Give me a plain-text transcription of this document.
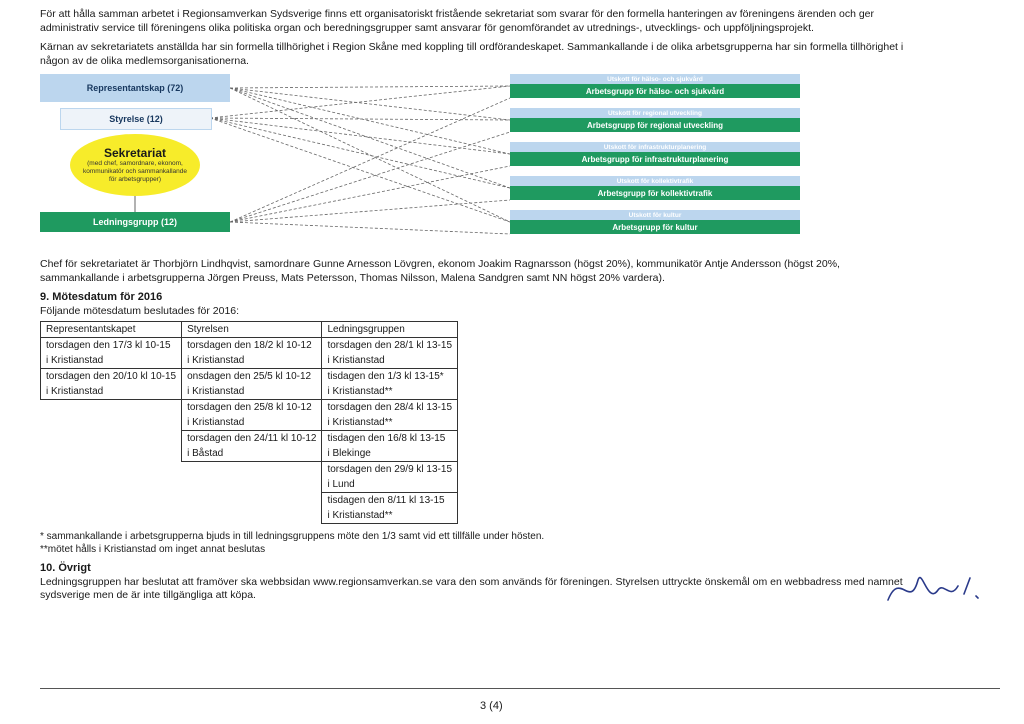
För att hålla samman arbetet i Regionsamverkan Sydsverige finns ett organisatoriskt fristående sekretariat som svarar för den formella hanteringen av föreningens ärenden och ger administrativ service till föreningens olika politiska organ och beredningsgrupper samt ansvarar för genomförandet av utrednings-, utvecklings- och uppföljningsprojekt.

Kärnan av sekretariatets anställda har sin formella tillhörighet i Region Skåne med koppling till ordförandeskapet. Sammankallande i de olika arbetsgrupperna har sin formella tillhörighet i någon av de olika medlemsorganisationerna.

Representantskap (72)
Styrelse (12)
Sekretariat
(med chef, samordnare, ekonom, kommunikatör och sammankallande för arbetsgrupper)
Ledningsgrupp (12)
Utskott för hälso- och sjukvård
Arbetsgrupp för hälso- och sjukvård
Utskott för regional utveckling
Arbetsgrupp för regional utveckling
Utskott för infrastrukturplanering
Arbetsgrupp för infrastrukturplanering
Utskott för kollektivtrafik
Arbetsgrupp för kollektivtrafik
Utskott för kultur
Arbetsgrupp för kultur

Chef för sekretariatet är Thorbjörn Lindhqvist, samordnare Gunne Arnesson Lövgren, ekonom Joakim Ragnarsson (högst 20%), kommunikatör Antje Andersson (högst 20%, sammankallande i arbetsgrupperna Jörgen Preuss, Mats Petersson, Thomas Nilsson, Malena Sandgren samt NN högst 20% vardera).

9. Mötesdatum för 2016

Följande mötesdatum beslutades för 2016:

Representantskapet	Styrelsen	Ledningsgruppen
torsdagen den 17/3 kl 10-15	torsdagen den 18/2 kl 10-12	torsdagen den 28/1 kl 13-15
i Kristianstad	i Kristianstad	i Kristianstad
torsdagen den 20/10 kl 10-15	onsdagen den 25/5 kl 10-12	tisdagen den 1/3 kl 13-15*
i Kristianstad	i Kristianstad	i Kristianstad**
	torsdagen den 25/8 kl 10-12	torsdagen den 28/4 kl 13-15
	i Kristianstad	i Kristianstad**
	torsdagen den 24/11 kl 10-12	tisdagen den 16/8 kl 13-15
	i Båstad	i Blekinge
		torsdagen den 29/9 kl 13-15
		i Lund
		tisdagen den 8/11 kl 13-15
		i Kristianstad**

* sammankallande i arbetsgrupperna bjuds in till ledningsgruppens möte den 1/3 samt vid ett tillfälle under hösten.

**mötet hålls i Kristianstad om inget annat beslutas

10. Övrigt

Ledningsgruppen har beslutat att framöver ska webbsidan www.regionsamverkan.se vara den som används för föreningen. Styrelsen uttryckte önskemål om en webbadress med namnet sydsverige men de är inte tillgängliga att köpa.

3 (4)
